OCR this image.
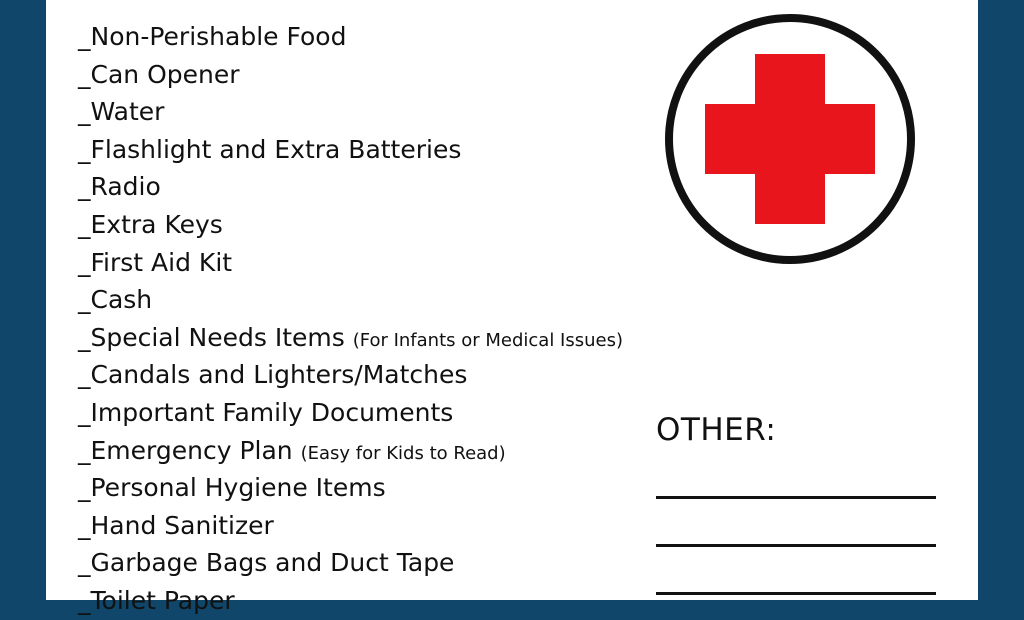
_Non-Perishable Food
_Can Opener
_Water
_Flashlight and Extra Batteries
_Radio
_Extra Keys
_First Aid Kit
_Cash
_Special Needs Items (For Infants or Medical Issues)
_Candals and Lighters/Matches
_Important Family Documents
_Emergency Plan (Easy for Kids to Read)
_Personal Hygiene Items
_Hand Sanitizer
_Garbage Bags and Duct Tape
_Toilet Paper
OTHER:
